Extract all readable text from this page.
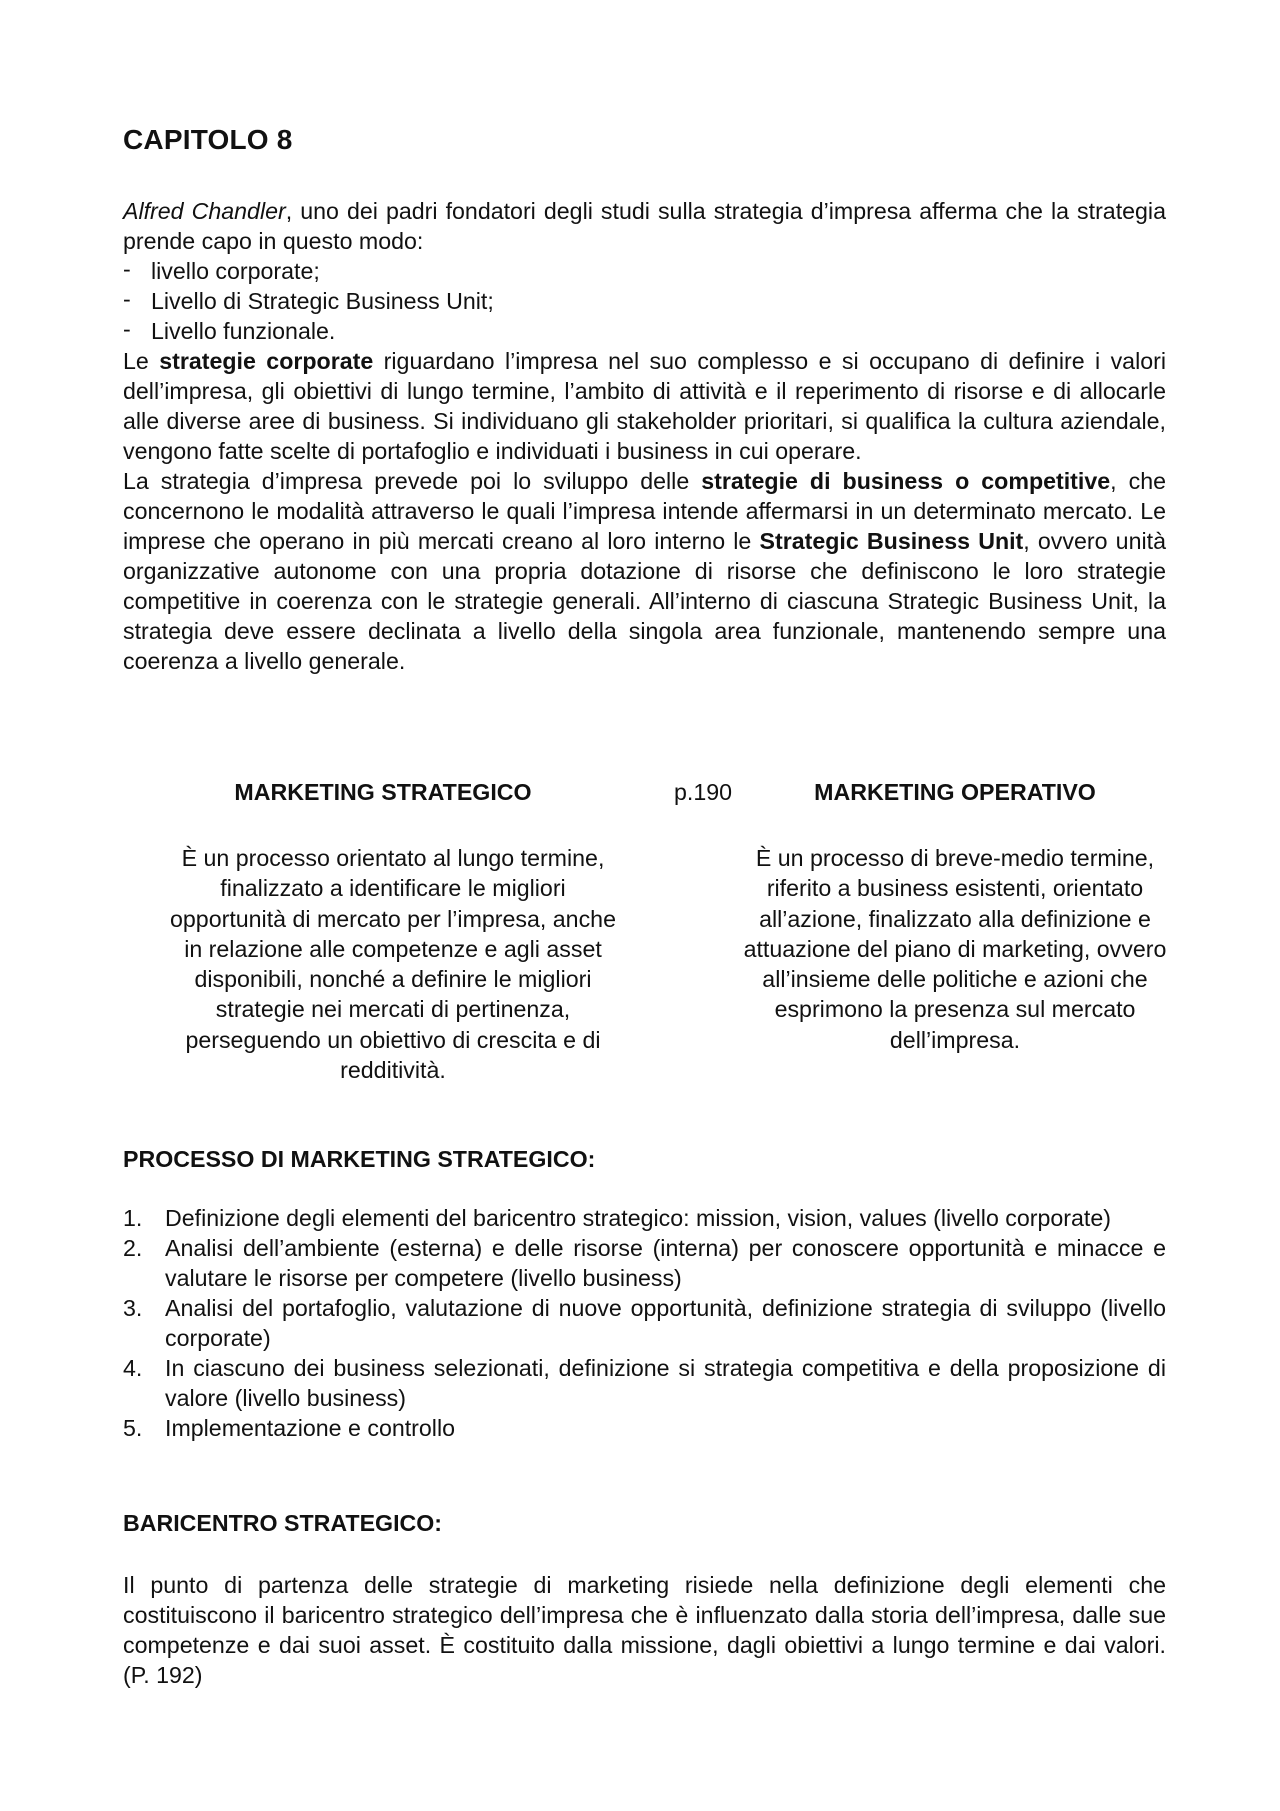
CAPITOLO 8

Alfred Chandler, uno dei padri fondatori degli studi sulla strategia d’impresa afferma che la strategia prende capo in questo modo:

- livello corporate;
- Livello di Strategic Business Unit;
- Livello funzionale.

Le strategie corporate riguardano l’impresa nel suo complesso e si occupano di definire i valori dell’impresa, gli obiettivi di lungo termine, l’ambito di attività e il reperimento di risorse e di allocarle alle diverse aree di business. Si individuano gli stakeholder prioritari, si qualifica la cultura aziendale, vengono fatte scelte di portafoglio e individuati i business in cui operare.

La strategia d’impresa prevede poi lo sviluppo delle strategie di business o competitive, che concernono le modalità attraverso le quali l’impresa intende affermarsi in un determinato mercato. Le imprese che operano in più mercati creano al loro interno le Strategic Business Unit, ovvero unità organizzative autonome con una propria dotazione di risorse che definiscono le loro strategie competitive in coerenza con le strategie generali. All’interno di ciascuna Strategic Business Unit, la strategia deve essere declinata a livello della singola area funzionale, mantenendo sempre una coerenza a livello generale.

MARKETING STRATEGICO	p.190	MARKETING OPERATIVO
È un processo orientato al lungo termine,
finalizzato a identificare le migliori
opportunità di mercato per l’impresa, anche
in relazione alle competenze e agli asset
disponibili, nonché a definire le migliori
strategie nei mercati di pertinenza,
perseguendo un obiettivo di crescita e di
redditività.
È un processo di breve-medio termine,
riferito a business esistenti, orientato
all’azione, finalizzato alla definizione e
attuazione del piano di marketing, ovvero
all’insieme delle politiche e azioni che
esprimono la presenza sul mercato
dell’impresa.
PROCESSO DI MARKETING STRATEGICO:
1. Definizione degli elementi del baricentro strategico: mission, vision, values (livello corporate)
2. Analisi dell’ambiente (esterna) e delle risorse (interna) per conoscere opportunità e minacce e valutare le risorse per competere (livello business)
3. Analisi del portafoglio, valutazione di nuove opportunità, definizione strategia di sviluppo (livello corporate)
4. In ciascuno dei business selezionati, definizione si strategia competitiva e della proposizione di valore (livello business)
5. Implementazione e controllo
BARICENTRO STRATEGICO:

Il punto di partenza delle strategie di marketing risiede nella definizione degli elementi che costituiscono il baricentro strategico dell’impresa che è influenzato dalla storia dell’impresa, dalle sue competenze e dai suoi asset. È costituito dalla missione, dagli obiettivi a lungo termine e dai valori. (P. 192)
